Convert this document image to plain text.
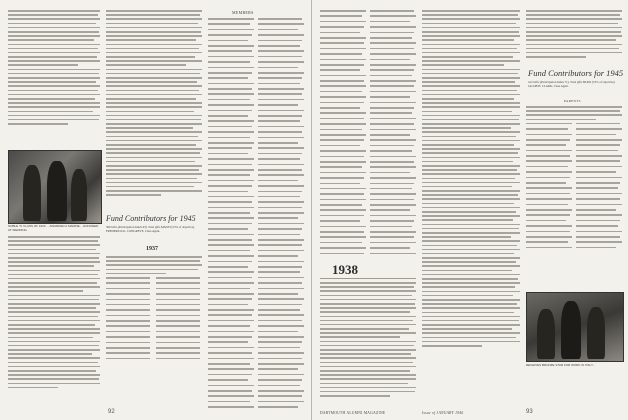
NOBLE 'N' CLASS OF 1933 ... AWARDED A MARINE... HONORED AT WEDDING
Fund Contributors for 1945
369 Gifts (Participation Index 63). Total gifts $48,633 (53% of objective). FREDERICK K. CONGREVE, Class Agent.
1937

MEMBERS

92

1938
Fund Contributors for 1945
412 Gifts (Participation Index 71). Total gifts $8,692 (53% of objective). JACOB H. CLARK, Class Agent.
PARENTS

RECEIVES BRONZE STAR FOR WORK IN ITALY...
DARTMOUTH ALUMNI MAGAZINE	Issue of JANUARY 1946	93
